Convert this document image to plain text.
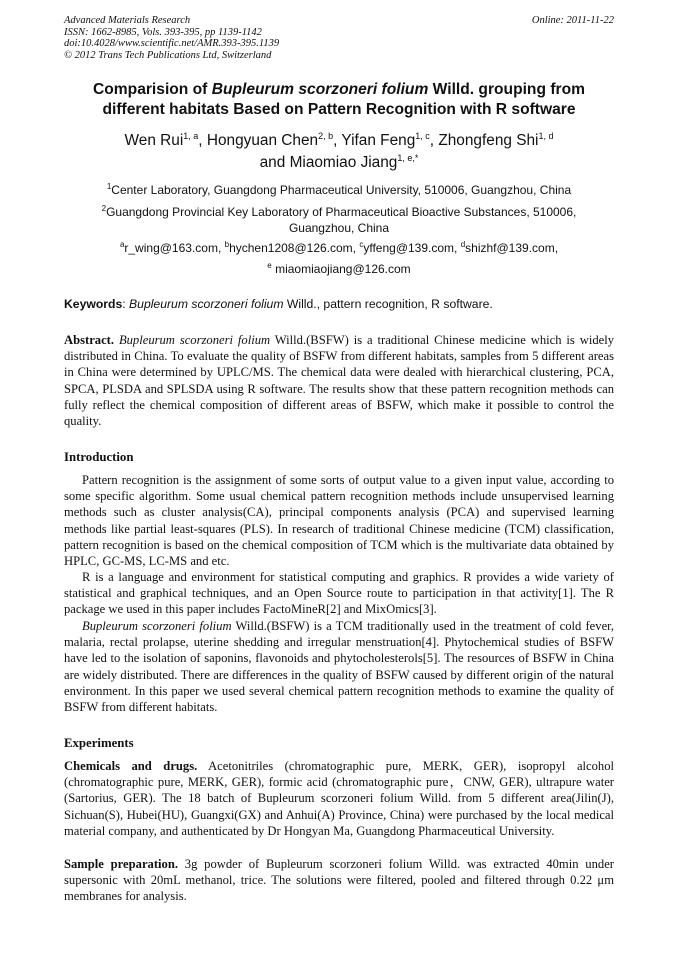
Advanced Materials Research
ISSN: 1662-8985, Vols. 393-395, pp 1139-1142
doi:10.4028/www.scientific.net/AMR.393-395.1139
© 2012 Trans Tech Publications Ltd, Switzerland
Online: 2011-11-22
Comparision of Bupleurum scorzoneri folium Willd. grouping from different habitats Based on Pattern Recognition with R software
Wen Rui$^{1, a}$, Hongyuan Chen$^{2, b}$, Yifan Feng$^{1, c}$, Zhongfeng Shi$^{1, d}$
and Miaomiao Jiang$^{1, e,*}$
$^1$Center Laboratory, Guangdong Pharmaceutical University, 510006, Guangzhou, China
$^2$Guangdong Provincial Key Laboratory of Pharmaceutical Bioactive Substances, 510006, Guangzhou, China
$^a$r_wing@163.com, $^b$hychen1208@126.com, $^c$yffeng@139.com, $^d$shizhf@139.com,
$^e$ miaomiaojiang@126.com
Keywords: Bupleurum scorzoneri folium Willd., pattern recognition, R software.
Abstract. Bupleurum scorzoneri folium Willd.(BSFW) is a traditional Chinese medicine which is widely distributed in China. To evaluate the quality of BSFW from different habitats, samples from 5 different areas in China were determined by UPLC/MS. The chemical data were dealed with hierarchical clustering, PCA, SPCA, PLSDA and SPLSDA using R software. The results show that these pattern recognition methods can fully reflect the chemical composition of different areas of BSFW, which make it possible to control the quality.
Introduction
Pattern recognition is the assignment of some sorts of output value to a given input value, according to some specific algorithm. Some usual chemical pattern recognition methods include unsupervised learning methods such as cluster analysis(CA), principal components analysis (PCA) and supervised learning methods like partial least-squares (PLS). In research of traditional Chinese medicine (TCM) classification, pattern recognition is based on the chemical composition of TCM which is the multivariate data obtained by HPLC, GC-MS, LC-MS and etc.
R is a language and environment for statistical computing and graphics. R provides a wide variety of statistical and graphical techniques, and an Open Source route to participation in that activity[1]. The R package we used in this paper includes FactoMineR[2] and MixOmics[3].
Bupleurum scorzoneri folium Willd.(BSFW) is a TCM traditionally used in the treatment of cold fever, malaria, rectal prolapse, uterine shedding and irregular menstruation[4]. Phytochemical studies of BSFW have led to the isolation of saponins, flavonoids and phytocholesterols[5]. The resources of BSFW in China are widely distributed. There are differences in the quality of BSFW caused by different origin of the natural environment. In this paper we used several chemical pattern recognition methods to examine the quality of BSFW from different habitats.
Experiments
Chemicals and drugs. Acetonitriles (chromatographic pure, MERK, GER), isopropyl alcohol (chromatographic pure, MERK, GER), formic acid (chromatographic pure，CNW, GER), ultrapure water (Sartorius, GER). The 18 batch of Bupleurum scorzoneri folium Willd. from 5 different area(Jilin(J), Sichuan(S), Hubei(HU), Guangxi(GX) and Anhui(A) Province, China) were purchased by the local medical material company, and authenticated by Dr Hongyan Ma, Guangdong Pharmaceutical University.
Sample preparation. 3g powder of Bupleurum scorzoneri folium Willd. was extracted 40min under supersonic with 20mL methanol, trice. The solutions were filtered, pooled and filtered through 0.22 μm membranes for analysis.
